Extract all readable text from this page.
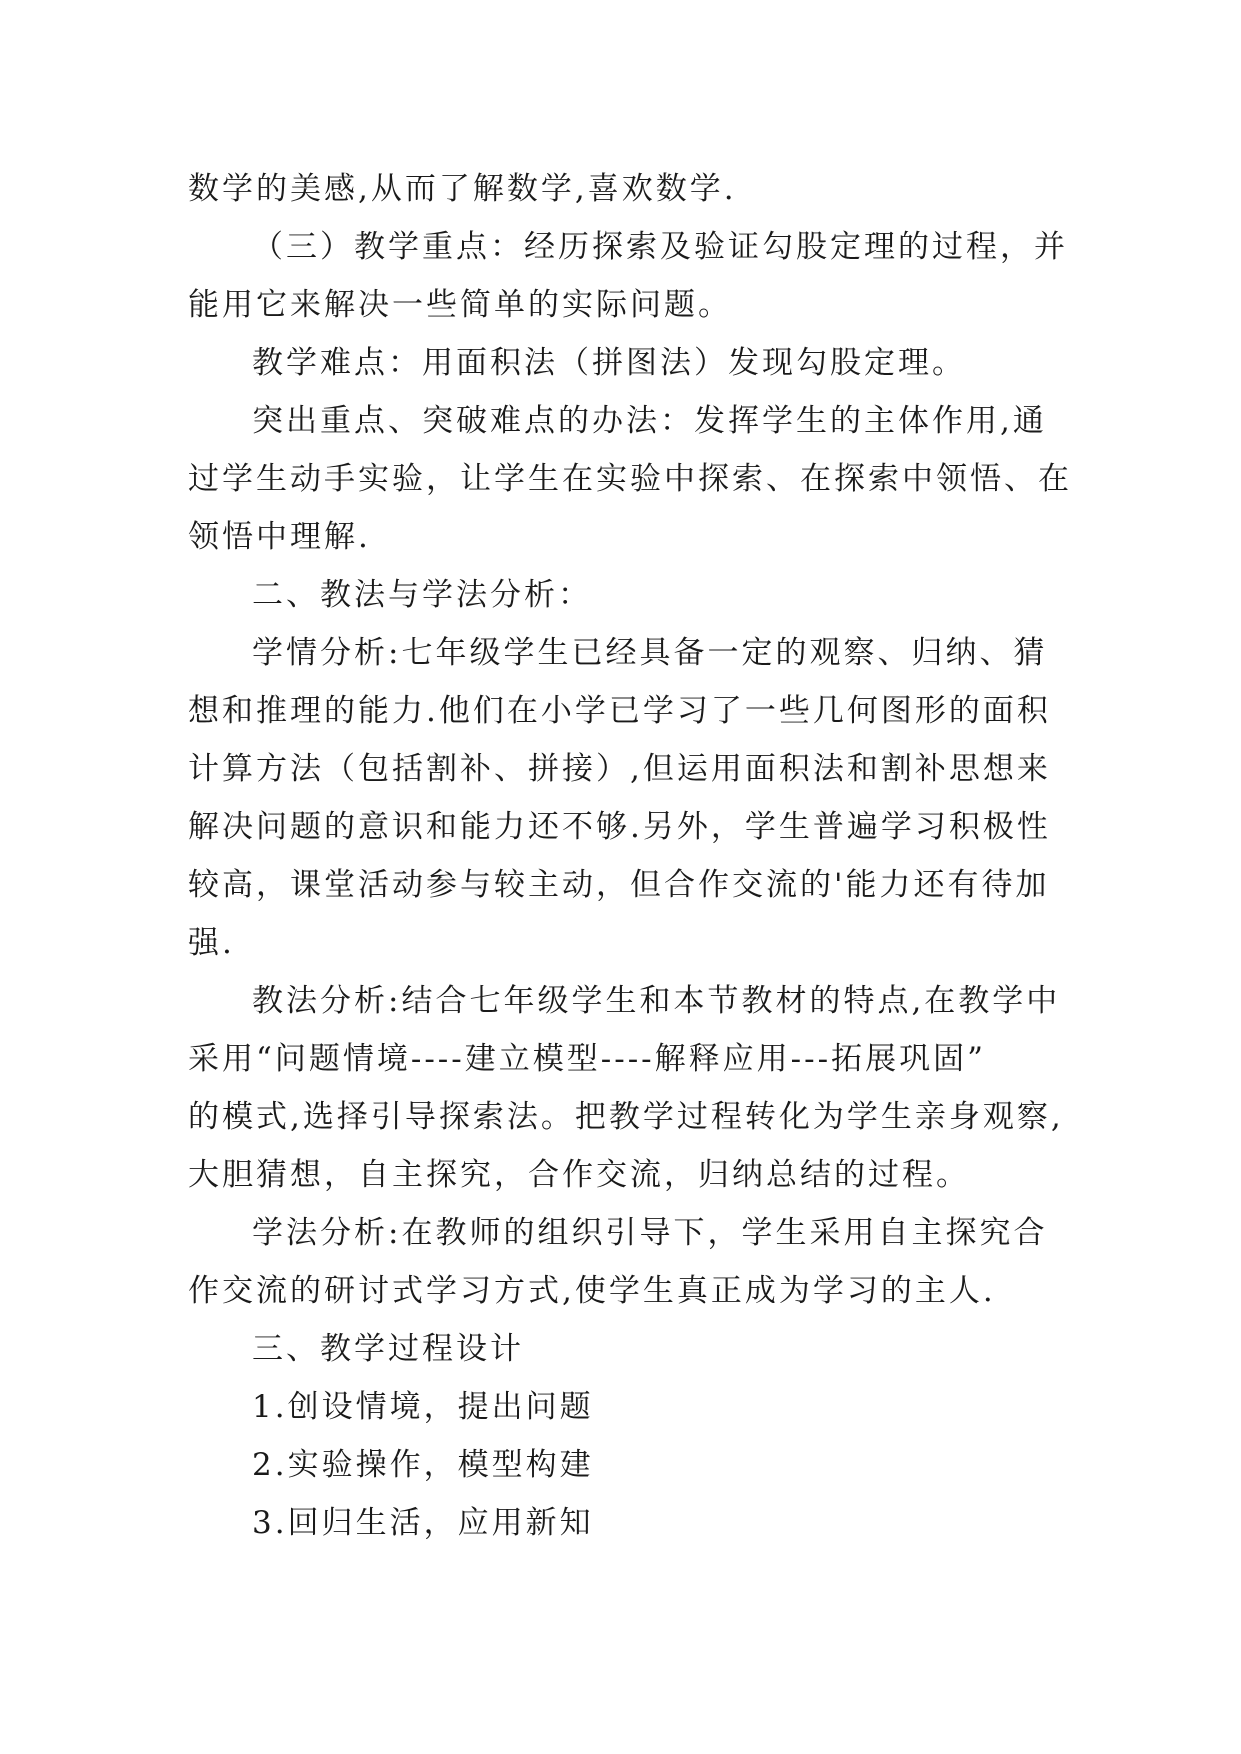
数学的美感,从而了解数学,喜欢数学.
（三）教学重点：经历探索及验证勾股定理的过程，并
能用它来解决一些简单的实际问题。
教学难点：用面积法（拼图法）发现勾股定理。
突出重点、突破难点的办法：发挥学生的主体作用,通
过学生动手实验，让学生在实验中探索、在探索中领悟、在
领悟中理解.
二、教法与学法分析：
学情分析:七年级学生已经具备一定的观察、归纳、猜
想和推理的能力.他们在小学已学习了一些几何图形的面积
计算方法（包括割补、拼接）,但运用面积法和割补思想来
解决问题的意识和能力还不够.另外，学生普遍学习积极性
较高，课堂活动参与较主动，但合作交流的'能力还有待加
强.
教法分析:结合七年级学生和本节教材的特点,在教学中
采用“问题情境----建立模型----解释应用---拓展巩固”
的模式,选择引导探索法。把教学过程转化为学生亲身观察,
大胆猜想，自主探究，合作交流，归纳总结的过程。
学法分析:在教师的组织引导下，学生采用自主探究合
作交流的研讨式学习方式,使学生真正成为学习的主人.
三、教学过程设计
1.创设情境，提出问题
2.实验操作，模型构建
3.回归生活，应用新知
